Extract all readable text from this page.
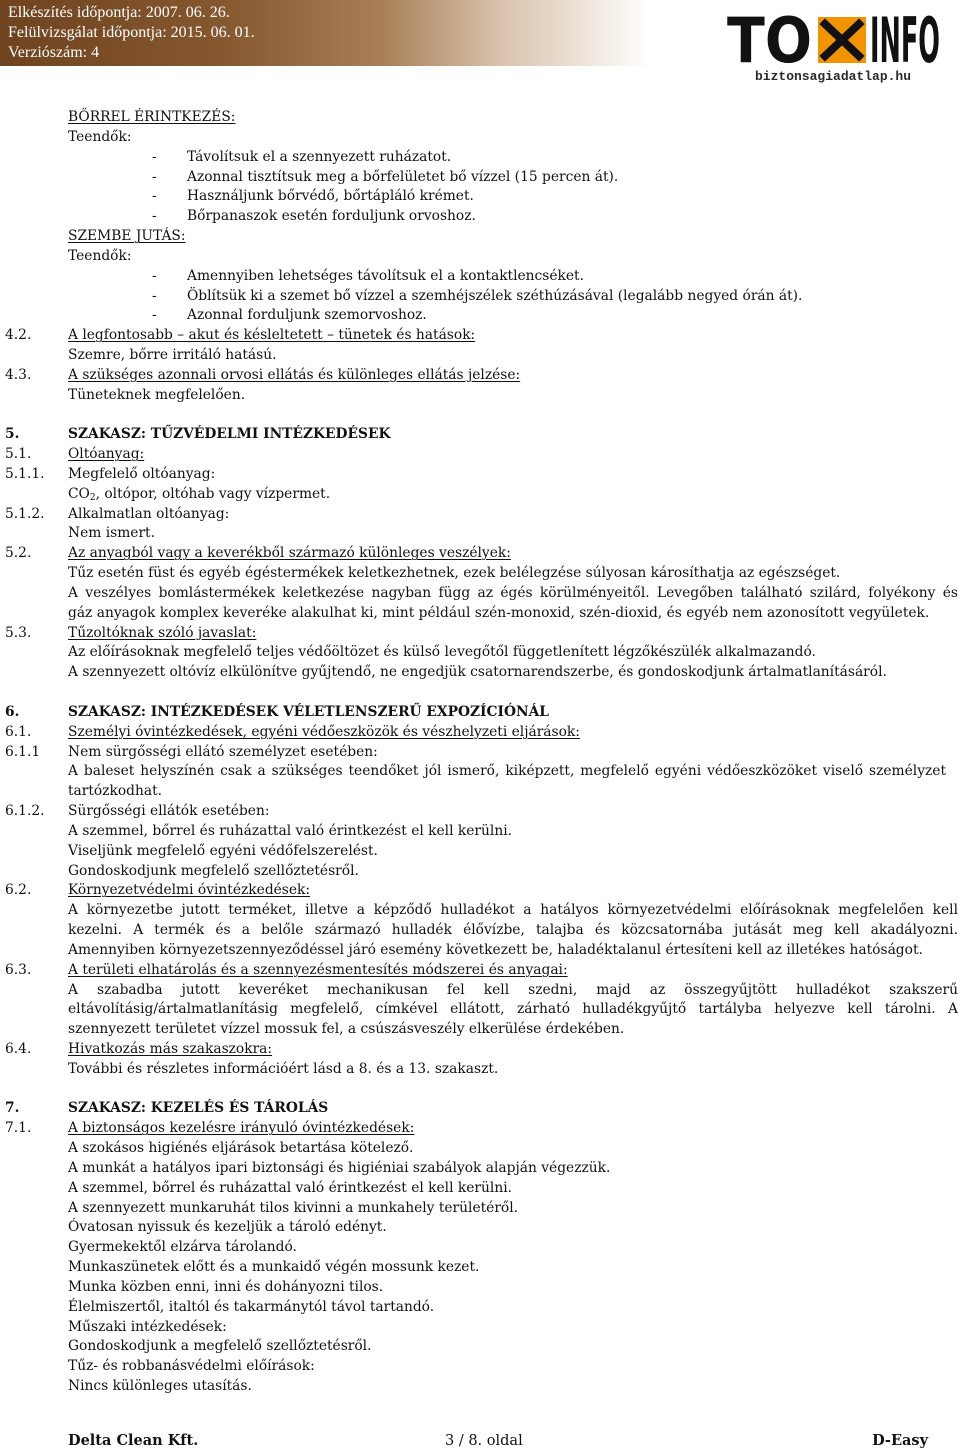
Elkészítés időpontja: 2007. 06. 26.
Felülvizsgálat időpontja: 2015. 06. 01.
Verziószám: 4	TO INFO
biztonsagiadatlap.hu
BŐRREL ÉRINTKEZÉS:
Teendők:
- Távolítsuk el a szennyezett ruházatot.
- Azonnal tisztítsuk meg a bőrfelületet bő vízzel (15 percen át).
- Használjunk bőrvédő, bőrtápláló krémet.
- Bőrpanaszok esetén forduljunk orvoshoz.
SZEMBE JUTÁS:
Teendők:
- Amennyiben lehetséges távolítsuk el a kontaktlencséket.
- Öblítsük ki a szemet bő vízzel a szemhéjszélek széthúzásával (legalább negyed órán át).
- Azonnal forduljunk szemorvoshoz.
4.2.	A legfontosabb – akut és késleltetett – tünetek és hatások:
Szemre, bőrre irritáló hatású.
4.3.	A szükséges azonnali orvosi ellátás és különleges ellátás jelzése:
Tüneteknek megfelelően.
5.	SZAKASZ: TŰZVÉDELMI INTÉZKEDÉSEK
5.1.	Oltóanyag:
5.1.1. Megfelelő oltóanyag:
$CO_2$, oltópor, oltóhab vagy vízpermet.
5.1.2. Alkalmatlan oltóanyag:
Nem ismert.
5.2.	Az anyagból vagy a keverékből származó különleges veszélyek:
Tűz esetén füst és egyéb égéstermékek keletkezhetnek, ezek belélegzése súlyosan károsíthatja az egészséget.
A veszélyes bomlástermékek keletkezése nagyban függ az égés körülményeitől. Levegőben található szilárd, folyékony és
gáz anyagok komplex keveréke alakulhat ki, mint például szén-monoxid, szén-dioxid, és egyéb nem azonosított vegyületek.
5.3.	Tűzoltóknak szóló javaslat:
Az előírásoknak megfelelő teljes védőöltözet és külső levegőtől függetlenített légzőkészülék alkalmazandó.
A szennyezett oltóvíz elkülönítve gyűjtendő, ne engedjük csatornarendszerbe, és gondoskodjunk ártalmatlanításáról.
6.	SZAKASZ: INTÉZKEDÉSEK VÉLETLENSZERŰ EXPOZÍCIÓNÁL
6.1.	Személyi óvintézkedések, egyéni védőeszközök és vészhelyzeti eljárások:
6.1.1 Nem sürgősségi ellátó személyzet esetében:
A baleset helyszínén csak a szükséges teendőket jól ismerő, kiképzett, megfelelő egyéni védőeszközöket viselő személyzet
tartózkodhat.
6.1.2. Sürgősségi ellátók esetében:
A szemmel, bőrrel és ruházattal való érintkezést el kell kerülni.
Viseljünk megfelelő egyéni védőfelszerelést.
Gondoskodjunk megfelelő szellőztetésről.
6.2.	Környezetvédelmi óvintézkedések:
A környezetbe jutott terméket, illetve a képződő hulladékot a hatályos környezetvédelmi előírásoknak megfelelően kell
kezelni. A termék és a belőle származó hulladék élővízbe, talajba és közcsatornába jutását meg kell akadályozni.
Amennyiben környezetszennyeződéssel járó esemény következett be, haladéktalanul értesíteni kell az illetékes hatóságot.
6.3.	A területi elhatárolás és a szennyezésmentesítés módszerei és anyagai:
A szabadba jutott keveréket mechanikusan fel kell szedni, majd az összegyűjtött hulladékot szakszerű
eltávolításig/ártalmatlanításig megfelelő, címkével ellátott, zárható hulladékgyűjtő tartályba helyezve kell tárolni. A
szennyezett területet vízzel mossuk fel, a csúszásveszély elkerülése érdekében.
6.4.	Hivatkozás más szakaszokra:
További és részletes információért lásd a 8. és a 13. szakaszt.
7.	SZAKASZ: KEZELÉS ÉS TÁROLÁS
7.1.	A biztonságos kezelésre irányuló óvintézkedések:
A szokásos higiénés eljárások betartása kötelező.
A munkát a hatályos ipari biztonsági és higiéniai szabályok alapján végezzük.
A szemmel, bőrrel és ruházattal való érintkezést el kell kerülni.
A szennyezett munkaruhát tilos kivinni a munkahely területéről.
Óvatosan nyissuk és kezeljük a tároló edényt.
Gyermekektől elzárva tárolandó.
Munkaszünetek előtt és a munkaidő végén mossunk kezet.
Munka közben enni, inni és dohányozni tilos.
Élelmiszertől, italtól és takarmánytól távol tartandó.
Műszaki intézkedések:
Gondoskodjunk a megfelelő szellőztetésről.
Tűz- és robbanásvédelmi előírások:
Nincs különleges utasítás.
Delta Clean Kft.	3 / 8. oldal	D-Easy
